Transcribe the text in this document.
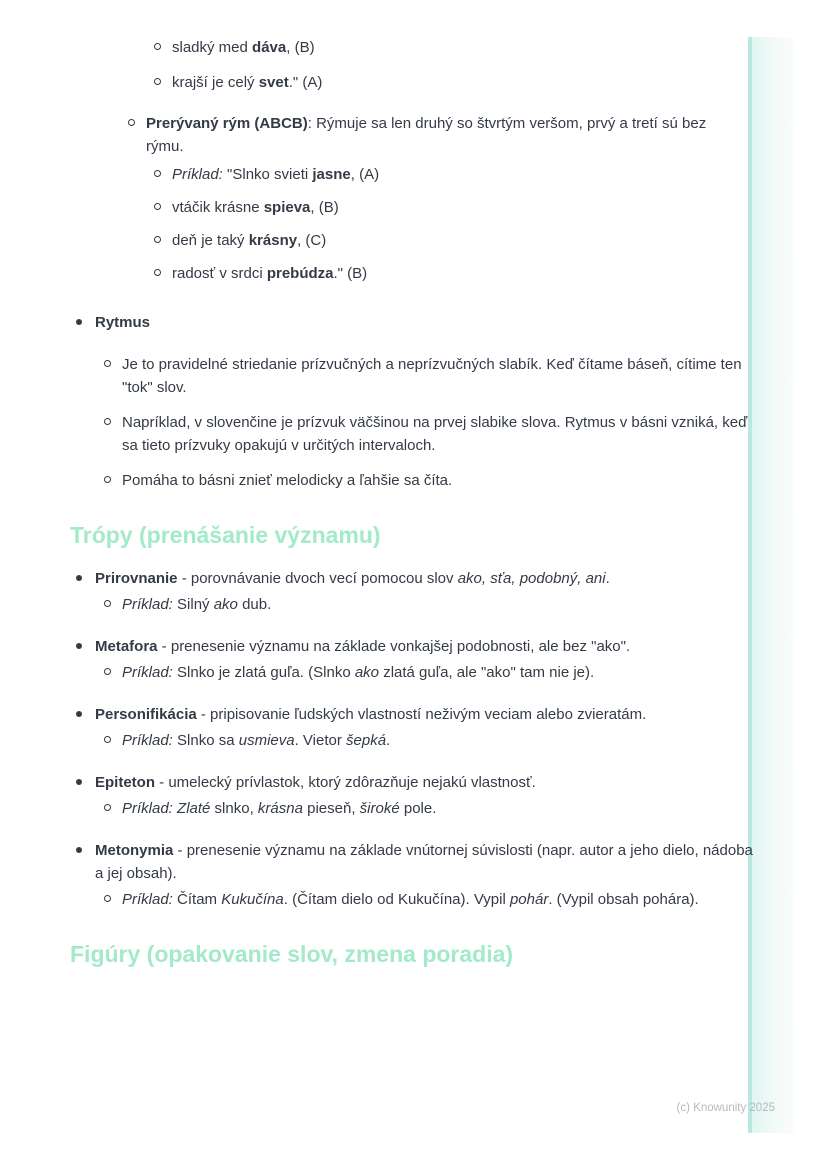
sladký med dáva, (B)
krajší je celý svet." (A)
Prerývaný rým (ABCB): Rýmuje sa len druhý so štvrtým veršom, prvý a tretí sú bez rýmu.
Príklad: "Slnko svieti jasne, (A)
vtáčik krásne spieva, (B)
deň je taký krásny, (C)
radosť v srdci prebúdza." (B)
Rytmus
Je to pravidelné striedanie prízvučných a neprízvučných slabík. Keď čítame báseň, cítime ten "tok" slov.
Napríklad, v slovenčine je prízvuk väčšinou na prvej slabike slova. Rytmus v básni vzniká, keď sa tieto prízvuky opakujú v určitých intervaloch.
Pomáha to básni znieť melodicky a ľahšie sa číta.
Trópy (prenášanie významu)
Prirovnanie - porovnávanie dvoch vecí pomocou slov ako, sťa, podobný, ani.
Príklad: Silný ako dub.
Metafora - prenesenie významu na základe vonkajšej podobnosti, ale bez "ako".
Príklad: Slnko je zlatá guľa. (Slnko ako zlatá guľa, ale "ako" tam nie je).
Personifikácia - pripisovanie ľudských vlastností neživým veciam alebo zvieratám.
Príklad: Slnko sa usmieva. Vietor šepká.
Epiteton - umelecký prívlastok, ktorý zdôrazňuje nejakú vlastnosť.
Príklad: Zlaté slnko, krásna pieseň, široké pole.
Metonymia - prenesenie významu na základe vnútornej súvislosti (napr. autor a jeho dielo, nádoba a jej obsah).
Príklad: Čítam Kukučína. (Čítam dielo od Kukučína). Vypil pohár. (Vypil obsah pohára).
Figúry (opakovanie slov, zmena poradia)
(c) Knowunity 2025
